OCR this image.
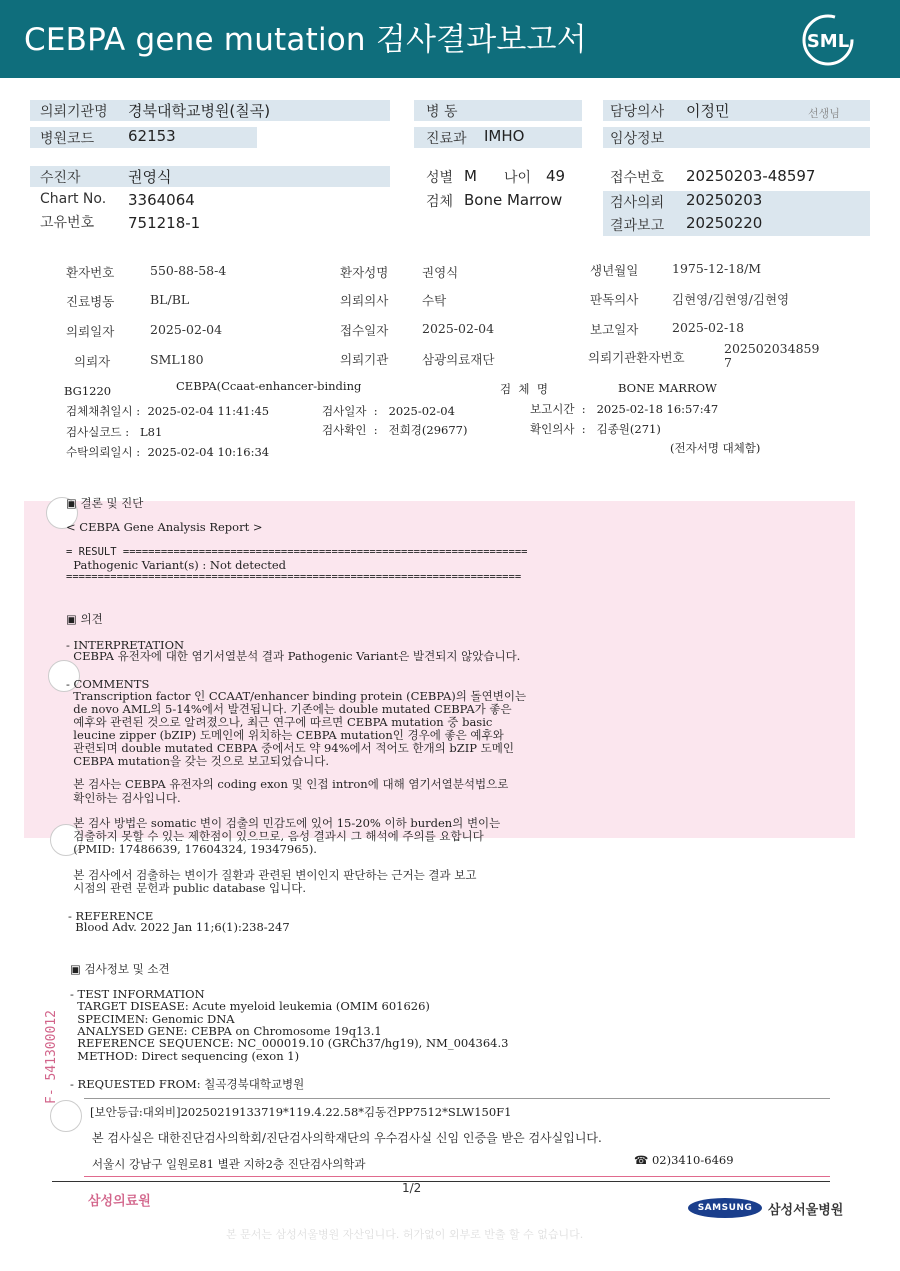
CEBPA gene mutation 검사결과보고서	SML
의뢰기관명 경북대학교병원(칠곡)
병원코드 62153
병 동
진료과 IMHO
담당의사 이정민	선생님
임상정보
수진자	권영식
Chart No. 3364064
고유번호 751218-1
성별 M 나이 49
검체 Bone Marrow
접수번호 20250203-48597
검사의뢰 20250203
결과보고 20250220
환자번호	550-88-58-4	환자성명	권영식	생년월일	1975-12-18/M
진료병동	BL/BL	의뢰의사	수탁	판독의사	김현영/김현영/김현영
의뢰일자	2025-02-04	접수일자	2025-02-04	보고일자	2025-02-18
의뢰자	SML180	의뢰기관	삼광의료재단	의뢰기관환자번호
2025020348597
BG1220	CEBPA(Ccaat-enhancer-binding	검  체  명	BONE MARROW
검체채취일시 :  2025-02-04 11:41:45	검사일자  :   2025-02-04	보고시간  :   2025-02-18 16:57:47
검사실코드 :   L81	검사확인  :   전희경(29677)	확인의사  :   김종원(271)
수탁의뢰일시 :  2025-02-04 10:16:34	(전자서명 대체함)
▣ 결론 및 진단
< CEBPA Gene Analysis Report >
= RESULT ================================================================
Pathogenic Variant(s) : Not detected
========================================================================
▣ 의견
- INTERPRETATION
CEBPA 유전자에 대한 염기서열분석 결과 Pathogenic Variant은 발견되지 않았습니다.
- COMMENTS
Transcription factor 인 CCAAT/enhancer binding protein (CEBPA)의 돌연변이는
de novo AML의 5-14%에서 발견됩니다. 기존에는 double mutated CEBPA가 좋은
예후와 관련된 것으로 알려졌으나, 최근 연구에 따르면 CEBPA mutation 중 basic
leucine zipper (bZIP) 도메인에 위치하는 CEBPA mutation인 경우에 좋은 예후와
관련되며 double mutated CEBPA 중에서도 약 94%에서 적어도 한개의 bZIP 도메인
CEBPA mutation을 갖는 것으로 보고되었습니다.
본 검사는 CEBPA 유전자의 coding exon 및 인접 intron에 대해 염기서열분석법으로
확인하는 검사입니다.
본 검사 방법은 somatic 변이 검출의 민감도에 있어 15-20% 이하 burden의 변이는
검출하지 못할 수 있는 제한점이 있으므로, 음성 결과시 그 해석에 주의를 요합니다
(PMID: 17486639, 17604324, 19347965).
본 검사에서 검출하는 변이가 질환과 관련된 변이인지 판단하는 근거는 결과 보고
시점의 관련 문헌과 public database 입니다.
- REFERENCE
Blood Adv. 2022 Jan 11;6(1):238-247
▣ 검사정보 및 소견
- TEST INFORMATION
TARGET DISEASE: Acute myeloid leukemia (OMIM 601626)
SPECIMEN: Genomic DNA
ANALYSED GENE: CEBPA on Chromosome 19q13.1
REFERENCE SEQUENCE: NC_000019.10 (GRCh37/hg19), NM_004364.3
METHOD: Direct sequencing (exon 1)
- REQUESTED FROM: 칠곡경북대학교병원
F- 541300012
[보안등급:대외비]20250219133719*119.4.22.58*김동건PP7512*SLW150F1
본 검사실은 대한진단검사의학회/진단검사의학재단의 우수검사실 신임 인증을 받은 검사실입니다.
서울시 강남구 일원로81 별관 지하2층 진단검사의학과	☎ 02)3410-6469
삼성의료원
1/2
SAMSUNG	삼성서울병원
본 문서는 삼성서울병원 자산입니다. 허가없이 외부로 반출 할 수 없습니다.
